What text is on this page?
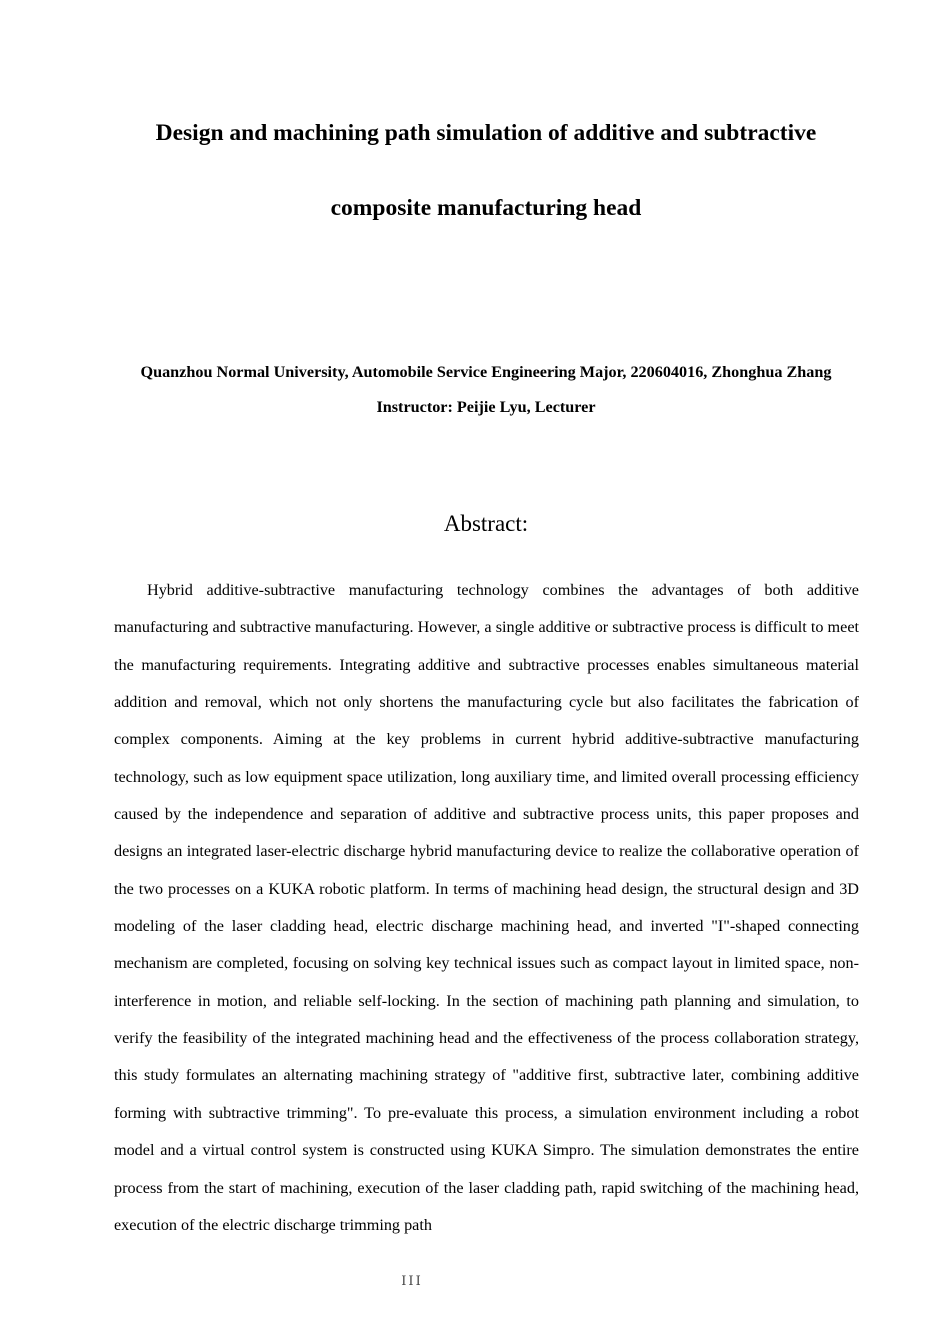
Design and machining path simulation of additive and subtractive
composite manufacturing head
Quanzhou Normal University, Automobile Service Engineering Major, 220604016, Zhonghua Zhang
Instructor: Peijie Lyu, Lecturer
Abstract:

Hybrid additive-subtractive manufacturing technology combines the advantages of both additive manufacturing and subtractive manufacturing. However, a single additive or subtractive process is difficult to meet the manufacturing requirements. Integrating additive and subtractive processes enables simultaneous material addition and removal, which not only shortens the manufacturing cycle but also facilitates the fabrication of complex components. Aiming at the key problems in current hybrid additive-subtractive manufacturing technology, such as low equipment space utilization, long auxiliary time, and limited overall processing efficiency caused by the independence and separation of additive and subtractive process units, this paper proposes and designs an integrated laser-electric discharge hybrid manufacturing device to realize the collaborative operation of the two processes on a KUKA robotic platform. In terms of machining head design, the structural design and 3D modeling of the laser cladding head, electric discharge machining head, and inverted "I"-shaped connecting mechanism are completed, focusing on solving key technical issues such as compact layout in limited space, non-interference in motion, and reliable self-locking. In the section of machining path planning and simulation, to verify the feasibility of the integrated machining head and the effectiveness of the process collaboration strategy, this study formulates an alternating machining strategy of "additive first, subtractive later, combining additive forming with subtractive trimming". To pre-evaluate this process, a simulation environment including a robot model and a virtual control system is constructed using KUKA Simpro. The simulation demonstrates the entire process from the start of machining, execution of the laser cladding path, rapid switching of the machining head, execution of the electric discharge trimming path

III
